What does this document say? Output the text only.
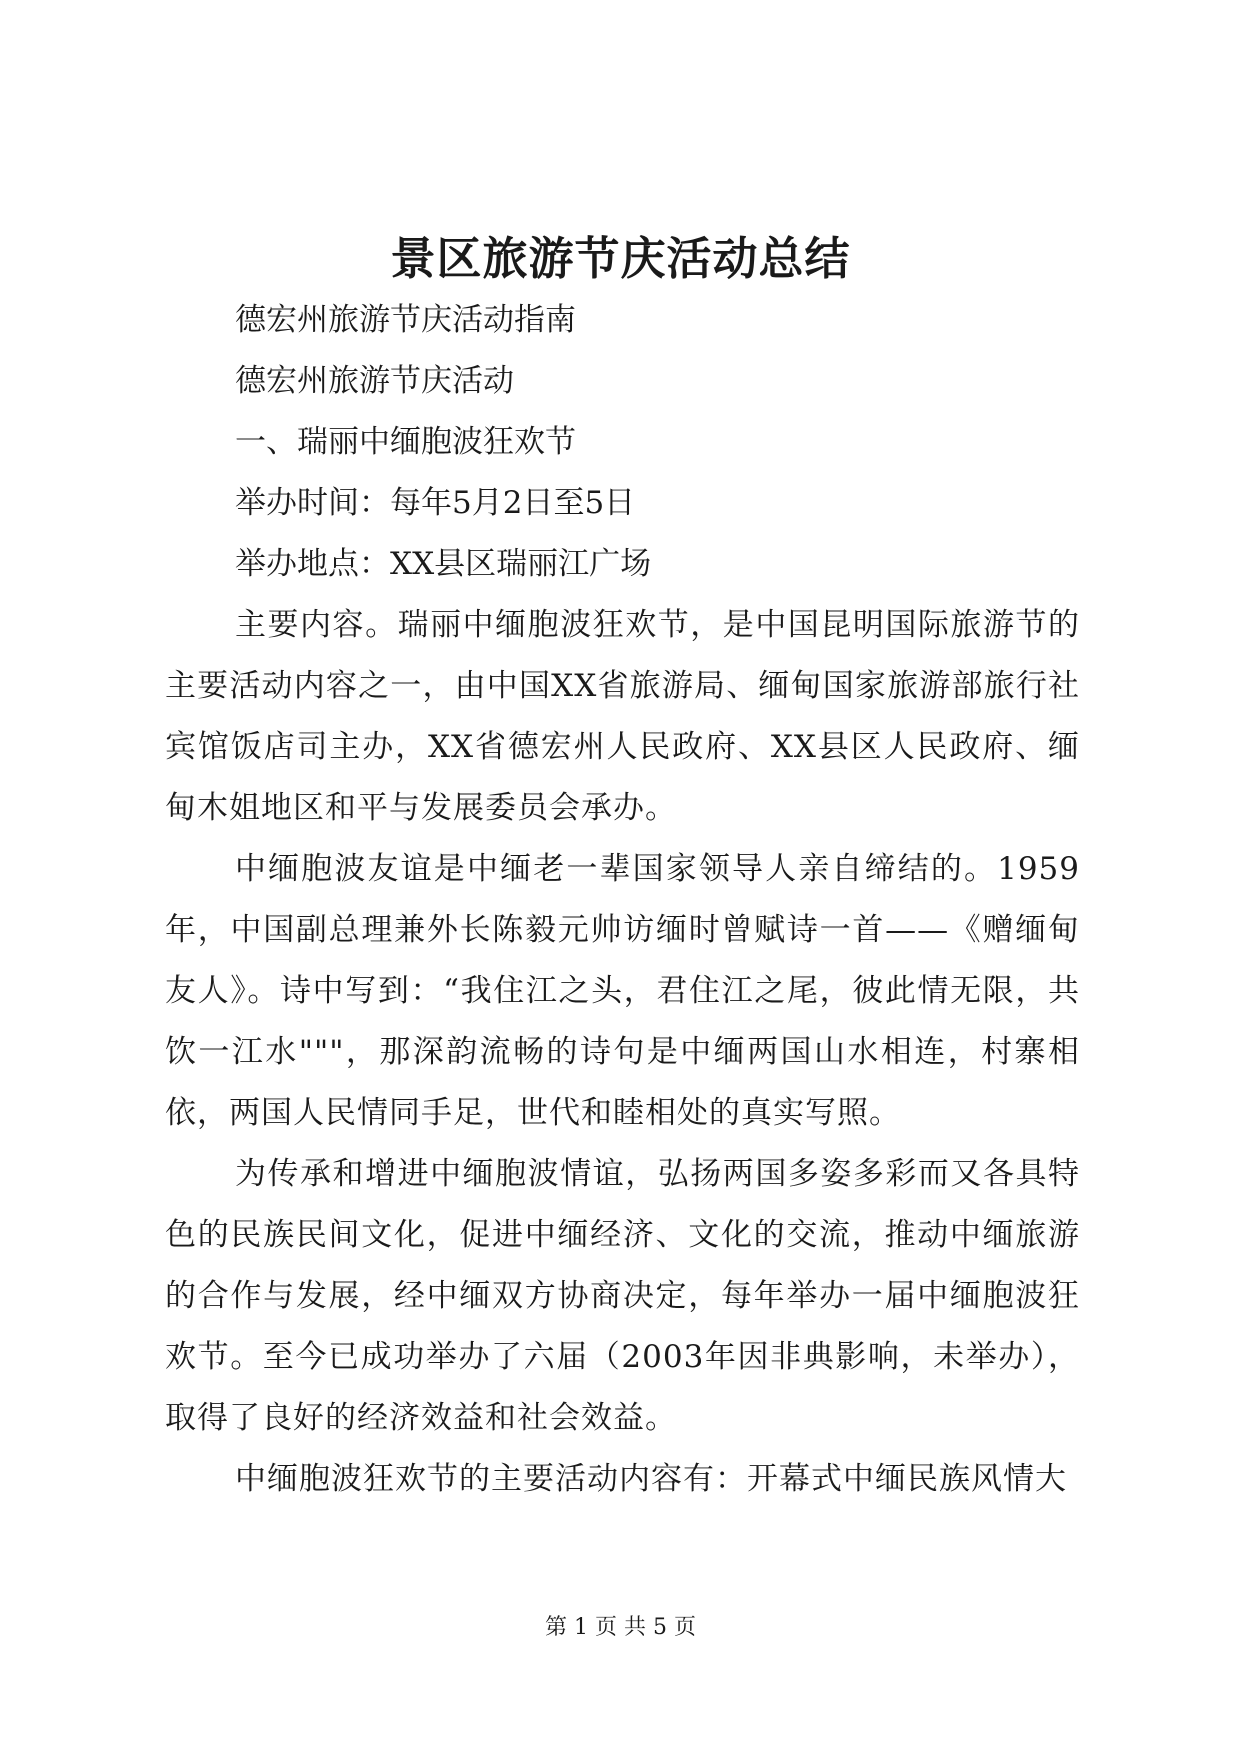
景区旅游节庆活动总结

德宏州旅游节庆活动指南

德宏州旅游节庆活动

一、瑞丽中缅胞波狂欢节

举办时间：每年5月2日至5日

举办地点：XX县区瑞丽江广场

主要内容。瑞丽中缅胞波狂欢节，是中国昆明国际旅游节的主要活动内容之一，由中国XX省旅游局、缅甸国家旅游部旅行社宾馆饭店司主办，XX省德宏州人民政府、XX县区人民政府、缅甸木姐地区和平与发展委员会承办。

中缅胞波友谊是中缅老一辈国家领导人亲自缔结的。1959年，中国副总理兼外长陈毅元帅访缅时曾赋诗一首——《赠缅甸友人》。诗中写到：“我住江之头，君住江之尾，彼此情无限，共饮一江水"""，那深韵流畅的诗句是中缅两国山水相连，村寨相依，两国人民情同手足，世代和睦相处的真实写照。

为传承和增进中缅胞波情谊，弘扬两国多姿多彩而又各具特色的民族民间文化，促进中缅经济、文化的交流，推动中缅旅游的合作与发展，经中缅双方协商决定，每年举办一届中缅胞波狂欢节。至今已成功举办了六届（2003年因非典影响，未举办），取得了良好的经济效益和社会效益。

中缅胞波狂欢节的主要活动内容有：开幕式中缅民族风情大

第 1 页 共 5 页
